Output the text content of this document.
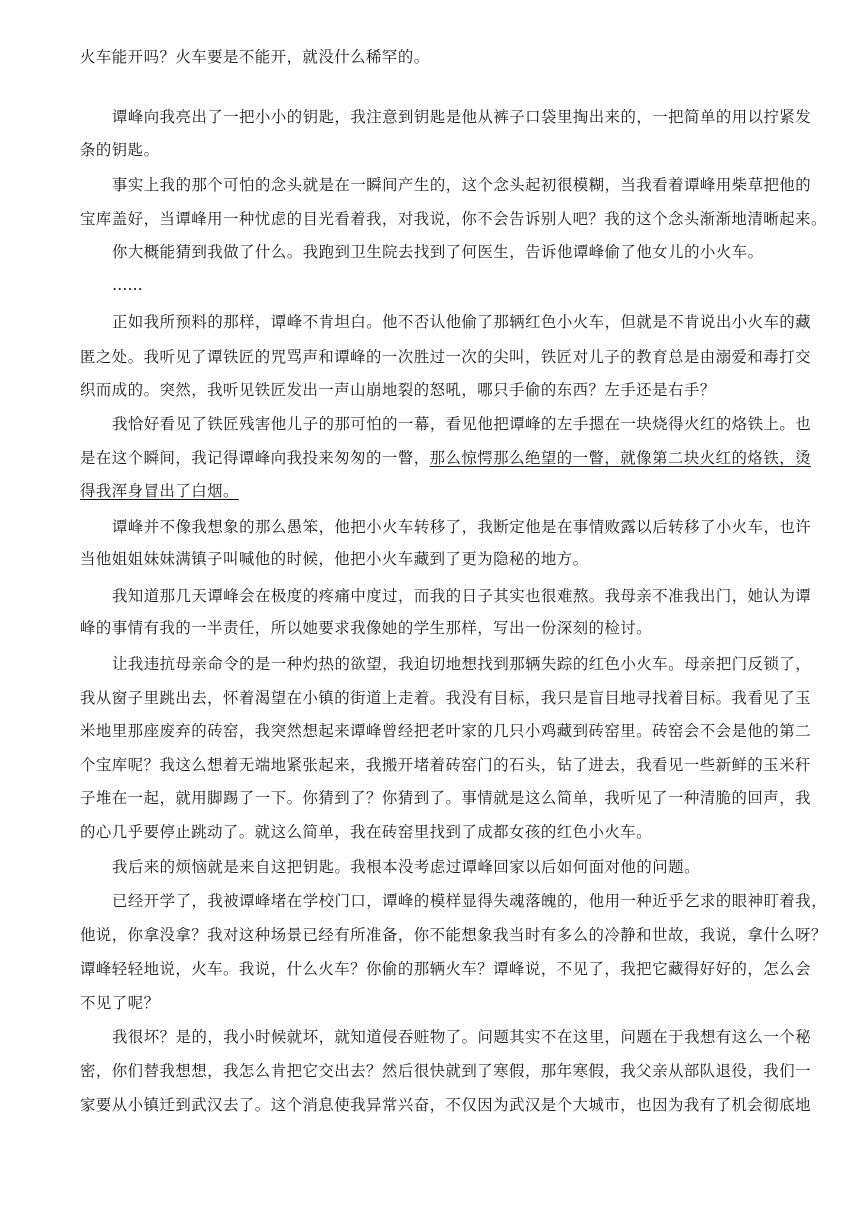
火车能开吗？火车要是不能开，就没什么稀罕的。
谭峰向我亮出了一把小小的钥匙，我注意到钥匙是他从裤子口袋里掏出来的，一把简单的用以拧紧发
条的钥匙。
事实上我的那个可怕的念头就是在一瞬间产生的，这个念头起初很模糊，当我看着谭峰用柴草把他的
宝库盖好，当谭峰用一种忧虑的目光看着我，对我说，你不会告诉别人吧？我的这个念头渐渐地清晰起来。
你大概能猜到我做了什么。我跑到卫生院去找到了何医生，告诉他谭峰偷了他女儿的小火车。
……
正如我所预料的那样，谭峰不肯坦白。他不否认他偷了那辆红色小火车，但就是不肯说出小火车的藏
匿之处。我听见了谭铁匠的咒骂声和谭峰的一次胜过一次的尖叫，铁匠对儿子的教育总是由溺爱和毒打交
织而成的。突然，我听见铁匠发出一声山崩地裂的怒吼，哪只手偷的东西？左手还是右手？
我恰好看见了铁匠残害他儿子的那可怕的一幕，看见他把谭峰的左手摁在一块烧得火红的烙铁上。也
是在这个瞬间，我记得谭峰向我投来匆匆的一瞥，那么惊愕那么绝望的一瞥，就像第二块火红的烙铁，烫
得我浑身冒出了白烟。
谭峰并不像我想象的那么愚笨，他把小火车转移了，我断定他是在事情败露以后转移了小火车，也许
当他姐姐妹妹满镇子叫喊他的时候，他把小火车藏到了更为隐秘的地方。
我知道那几天谭峰会在极度的疼痛中度过，而我的日子其实也很难熬。我母亲不准我出门，她认为谭
峰的事情有我的一半责任，所以她要求我像她的学生那样，写出一份深刻的检讨。
让我违抗母亲命令的是一种灼热的欲望，我迫切地想找到那辆失踪的红色小火车。母亲把门反锁了，
我从窗子里跳出去，怀着渴望在小镇的街道上走着。我没有目标，我只是盲目地寻找着目标。我看见了玉
米地里那座废弃的砖窑，我突然想起来谭峰曾经把老叶家的几只小鸡藏到砖窑里。砖窑会不会是他的第二
个宝库呢？我这么想着无端地紧张起来，我搬开堵着砖窑门的石头，钻了进去，我看见一些新鲜的玉米秆
子堆在一起，就用脚踢了一下。你猜到了？你猜到了。事情就是这么简单，我听见了一种清脆的回声，我
的心几乎要停止跳动了。就这么简单，我在砖窑里找到了成都女孩的红色小火车。
我后来的烦恼就是来自这把钥匙。我根本没考虑过谭峰回家以后如何面对他的问题。
已经开学了，我被谭峰堵在学校门口，谭峰的模样显得失魂落魄的，他用一种近乎乞求的眼神盯着我，
他说，你拿没拿？我对这种场景已经有所准备，你不能想象我当时有多么的冷静和世故，我说，拿什么呀？
谭峰轻轻地说，火车。我说，什么火车？你偷的那辆火车？谭峰说，不见了，我把它藏得好好的，怎么会
不见了呢？
我很坏？是的，我小时候就坏，就知道侵吞赃物了。问题其实不在这里，问题在于我想有这么一个秘
密，你们替我想想，我怎么肯把它交出去？然后很快就到了寒假，那年寒假，我父亲从部队退役，我们一
家要从小镇迁到武汉去了。这个消息使我异常兴奋，不仅因为武汉是个大城市，也因为我有了机会彻底地
